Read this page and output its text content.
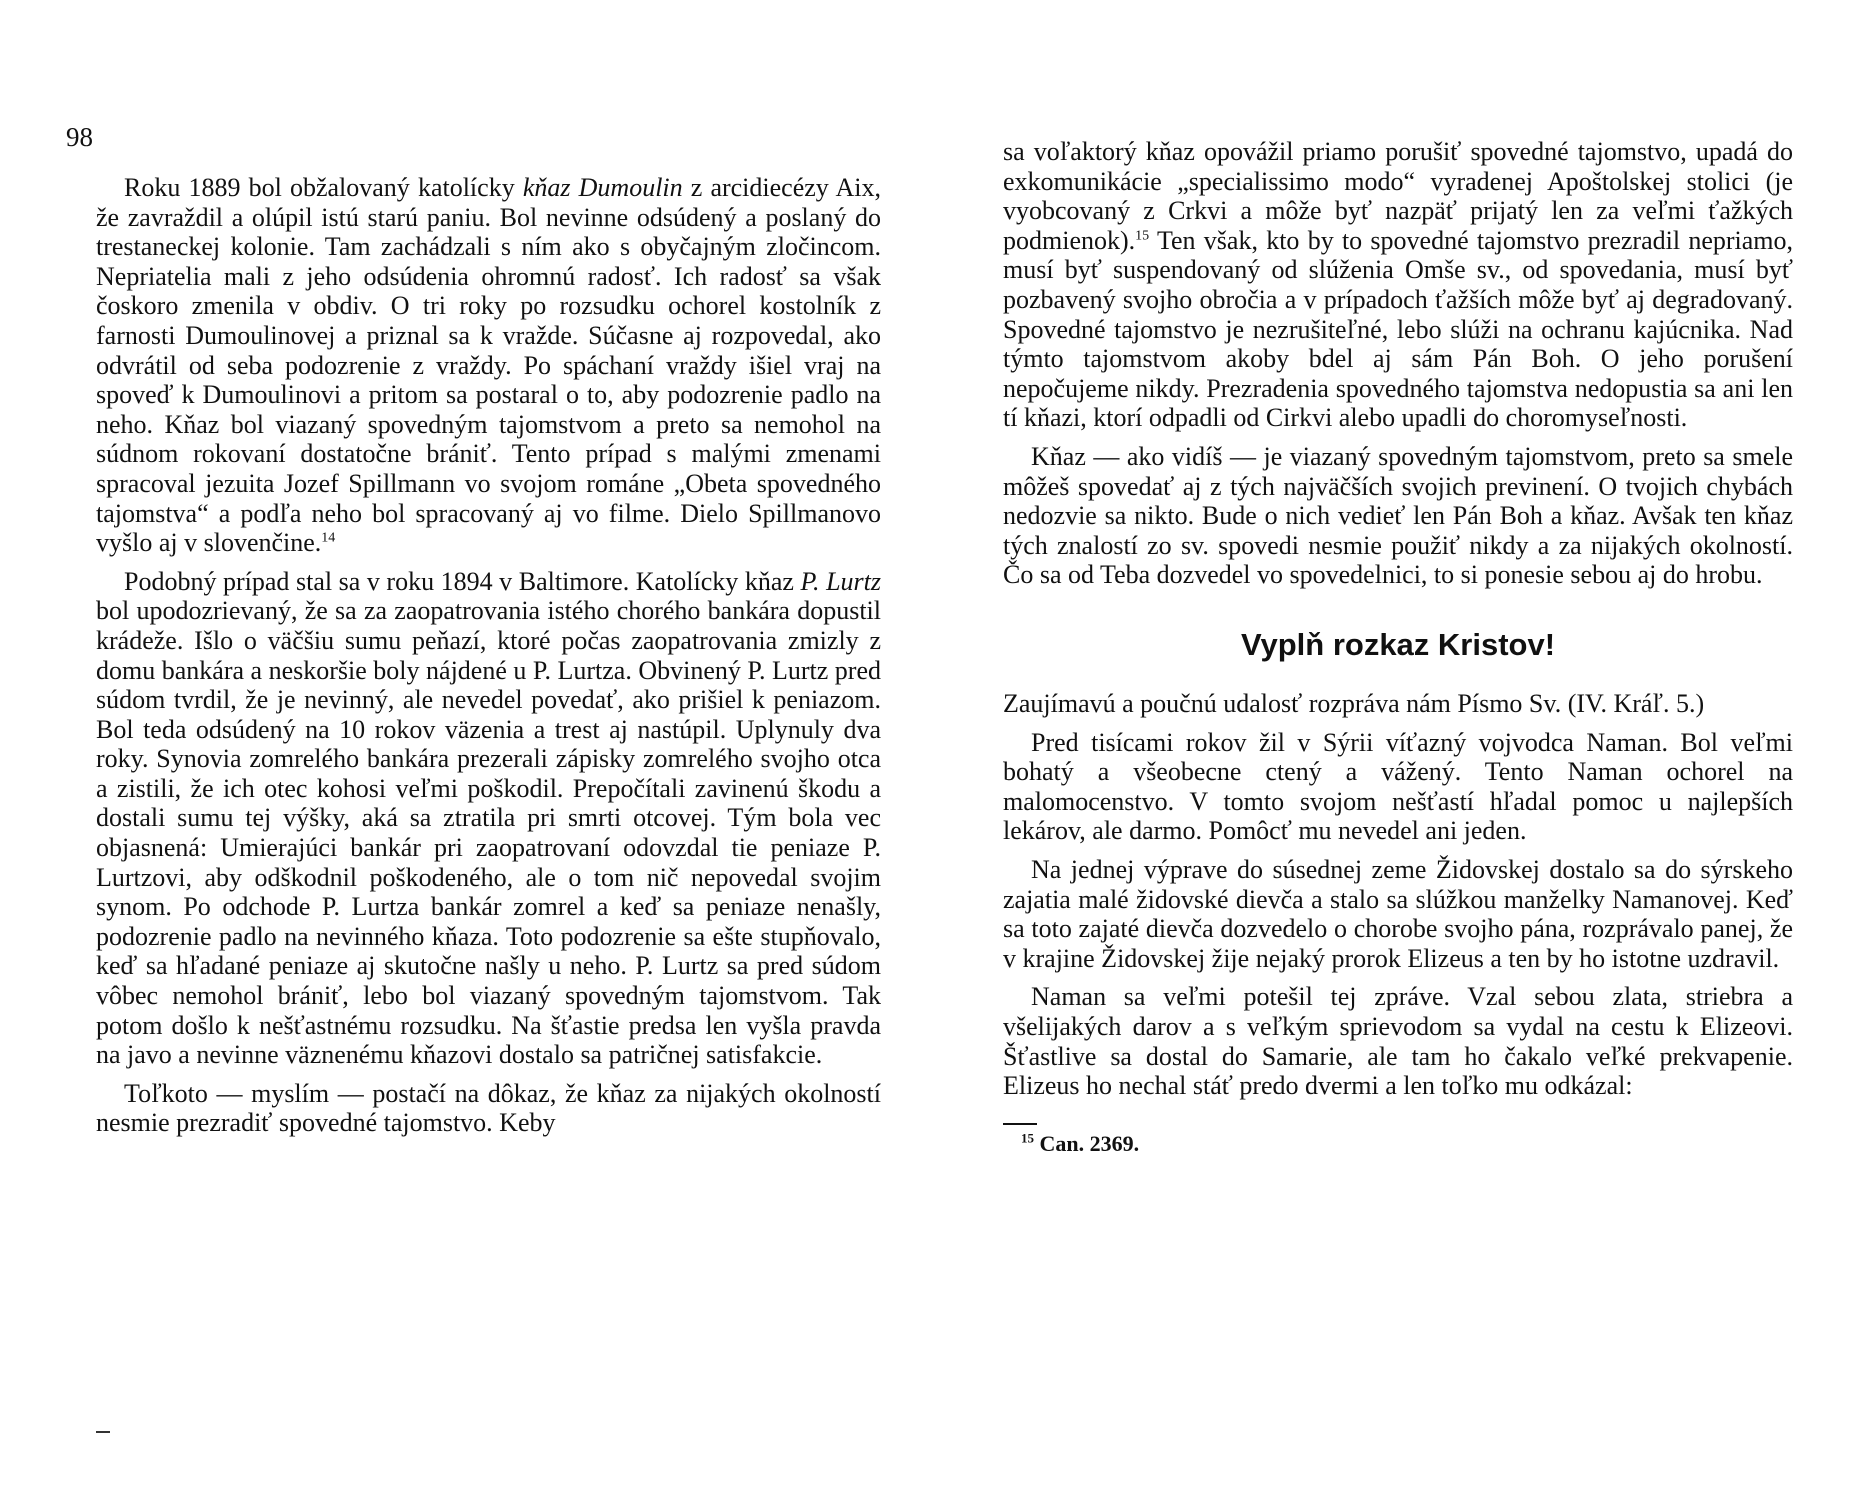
98

Roku 1889 bol obžalovaný katolícky kňaz Dumoulin z arcidiecézy Aix, že zavraždil a olúpil istú starú paniu. Bol nevinne odsúdený a poslaný do trestaneckej kolonie. Tam zachádzali s ním ako s obyčajným zločincom. Nepriatelia mali z jeho odsúdenia ohromnú radosť. Ich radosť sa však čoskoro zmenila v obdiv. O tri roky po rozsudku ochorel kostolník z farnosti Dumoulinovej a priznal sa k vražde. Súčasne aj rozpovedal, ako odvrátil od seba podozrenie z vraždy. Po spáchaní vraždy išiel vraj na spoveď k Dumoulinovi a pritom sa postaral o to, aby podozrenie padlo na neho. Kňaz bol viazaný spovedným tajomstvom a preto sa nemohol na súdnom rokovaní dostatočne brániť. Tento prípad s malými zmenami spracoval jezuita Jozef Spillmann vo svojom románe „Obeta spovedného tajomstva“ a podľa neho bol spracovaný aj vo filme. Dielo Spillmanovo vyšlo aj v slovenčine.$^{14}$

Podobný prípad stal sa v roku 1894 v Baltimore. Katolícky kňaz P. Lurtz bol upodozrievaný, že sa za zaopatrovania istého chorého bankára dopustil krádeže. Išlo o väčšiu sumu peňazí, ktoré počas zaopatrovania zmizly z domu bankára a neskoršie boly nájdené u P. Lurtza. Obvinený P. Lurtz pred súdom tvrdil, že je nevinný, ale nevedel povedať, ako prišiel k peniazom. Bol teda odsúdený na 10 rokov väzenia a trest aj nastúpil. Uplynuly dva roky. Synovia zomrelého bankára prezerali zápisky zomrelého svojho otca a zistili, že ich otec kohosi veľmi poškodil. Prepočítali zavinenú škodu a dostali sumu tej výšky, aká sa ztratila pri smrti otcovej. Tým bola vec objasnená: Umierajúci bankár pri zaopatrovaní odovzdal tie peniaze P. Lurtzovi, aby odškodnil poškodeného, ale o tom nič nepovedal svojim synom. Po odchode P. Lurtza bankár zomrel a keď sa peniaze nenašly, podozrenie padlo na nevinného kňaza. Toto podozrenie sa ešte stupňovalo, keď sa hľadané peniaze aj skutočne našly u neho. P. Lurtz sa pred súdom vôbec nemohol brániť, lebo bol viazaný spovedným tajomstvom. Tak potom došlo k nešťastnému rozsudku. Na šťastie predsa len vyšla pravda na javo a nevinne väznenému kňazovi dostalo sa patričnej satisfakcie.

Toľkoto — myslím — postačí na dôkaz, že kňaz za nijakých okolností nesmie prezradiť spovedné tajomstvo. Keby

sa voľaktorý kňaz opovážil priamo porušiť spovedné tajomstvo, upadá do exkomunikácie „specialissimo modo“ vyradenej Apoštolskej stolici (je vyobcovaný z Crkvi a môže byť nazpäť prijatý len za veľmi ťažkých podmienok).$^{15}$ Ten však, kto by to spovedné tajomstvo prezradil nepriamo, musí byť suspendovaný od slúženia Omše sv., od spovedania, musí byť pozbavený svojho obročia a v prípadoch ťažších môže byť aj degradovaný. Spovedné tajomstvo je nezrušiteľné, lebo slúži na ochranu kajúcnika. Nad týmto tajomstvom akoby bdel aj sám Pán Boh. O jeho porušení nepočujeme nikdy. Prezradenia spovedného tajomstva nedopustia sa ani len tí kňazi, ktorí odpadli od Cirkvi alebo upadli do choromyseľnosti.

Kňaz — ako vidíš — je viazaný spovedným tajomstvom, preto sa smele môžeš spovedať aj z tých najväčších svojich previnení. O tvojich chybách nedozvie sa nikto. Bude o nich vedieť len Pán Boh a kňaz. Avšak ten kňaz tých znalostí zo sv. spovedi nesmie použiť nikdy a za nijakých okolností. Čo sa od Teba dozvedel vo spovedelnici, to si ponesie sebou aj do hrobu.

Vyplň rozkaz Kristov!

Zaujímavú a poučnú udalosť rozpráva nám Písmo Sv. (IV. Kráľ. 5.)

Pred tisícami rokov žil v Sýrii víťazný vojvodca Naman. Bol veľmi bohatý a všeobecne ctený a vážený. Tento Naman ochorel na malomocenstvo. V tomto svojom nešťastí hľadal pomoc u najlepších lekárov, ale darmo. Pomôcť mu nevedel ani jeden.

Na jednej výprave do súsednej zeme Židovskej dostalo sa do sýrskeho zajatia malé židovské dievča a stalo sa slúžkou manželky Namanovej. Keď sa toto zajaté dievča dozvedelo o chorobe svojho pána, rozprávalo panej, že v krajine Židovskej žije nejaký prorok Elizeus a ten by ho istotne uzdravil.

Naman sa veľmi potešil tej zpráve. Vzal sebou zlata, striebra a všelijakých darov a s veľkým sprievodom sa vydal na cestu k Elizeovi. Šťastlive sa dostal do Samarie, ale tam ho čakalo veľké prekvapenie. Elizeus ho nechal stáť predo dvermi a len toľko mu odkázal:

$^{15}$ Can. 2369.
